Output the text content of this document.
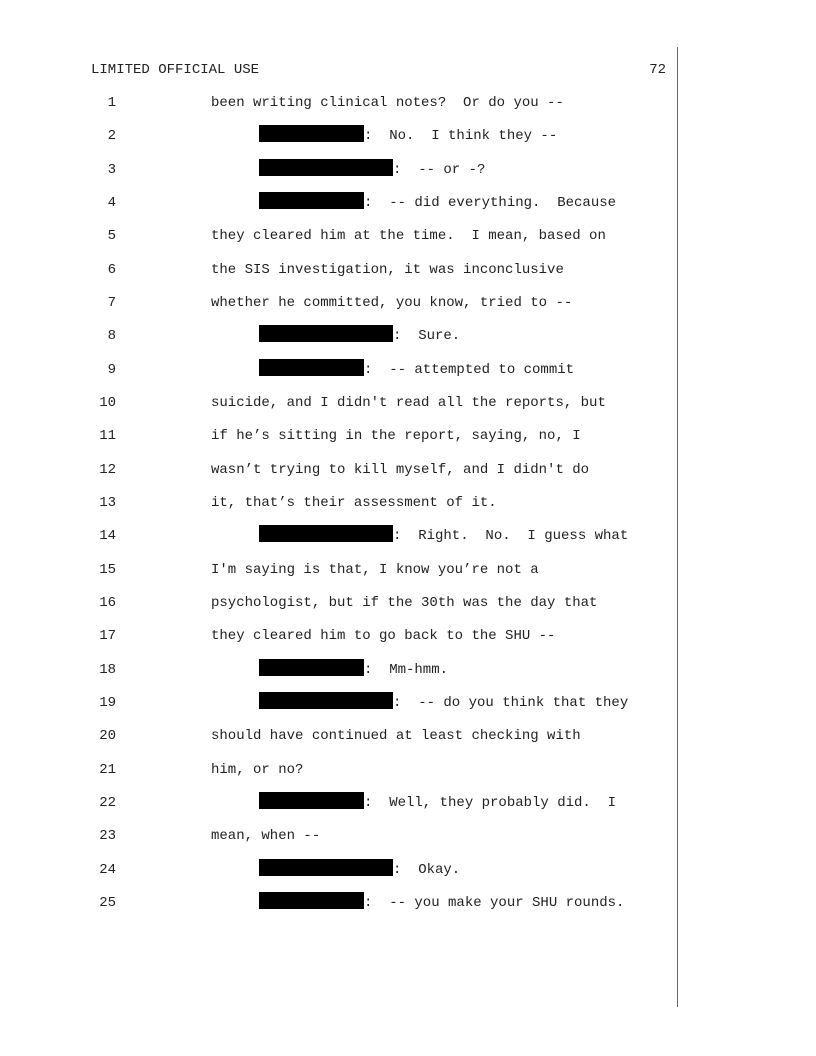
LIMITED OFFICIAL USE	72
1	been writing clinical notes?  Or do you --
2	:  No.  I think they --
3	:  -- or -?
4	:  -- did everything.  Because
5	they cleared him at the time.  I mean, based on
6	the SIS investigation, it was inconclusive
7	whether he committed, you know, tried to --
8	:  Sure.
9	:  -- attempted to commit
10	suicide, and I didn't read all the reports, but
11	if he’s sitting in the report, saying, no, I
12	wasn’t trying to kill myself, and I didn't do
13	it, that’s their assessment of it.
14	:  Right.  No.  I guess what
15	I'm saying is that, I know you’re not a
16	psychologist, but if the 30th was the day that
17	they cleared him to go back to the SHU --
18	:  Mm-hmm.
19	:  -- do you think that they
20	should have continued at least checking with
21	him, or no?
22	:  Well, they probably did.  I
23	mean, when --
24	:  Okay.
25	:  -- you make your SHU rounds.
